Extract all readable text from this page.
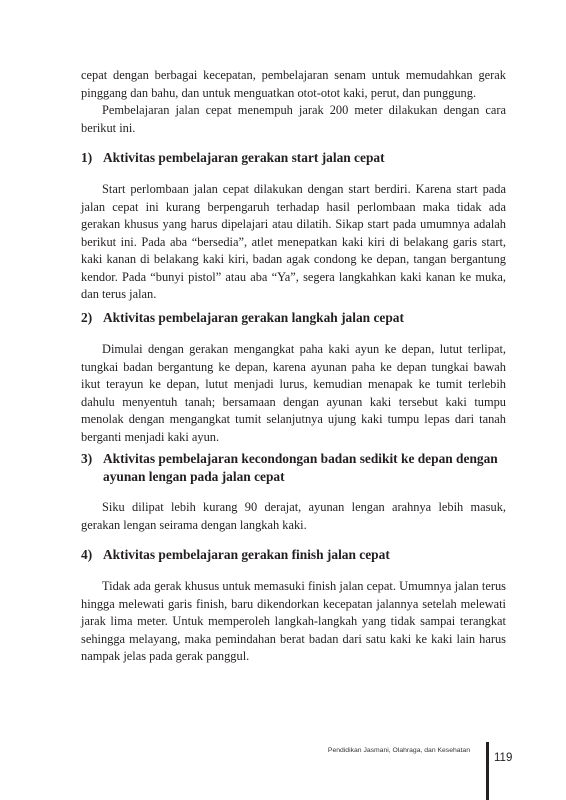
cepat dengan berbagai kecepatan, pembelajaran senam untuk memudahkan gerak pinggang dan bahu, dan untuk menguatkan otot-otot kaki, perut, dan punggung.

Pembelajaran jalan cepat menempuh jarak 200 meter dilakukan dengan cara berikut ini.

1) Aktivitas pembelajaran gerakan start jalan cepat

Start perlombaan jalan cepat dilakukan dengan start berdiri. Karena start pada jalan cepat ini kurang berpengaruh terhadap hasil perlombaan maka tidak ada gerakan khusus yang harus dipelajari atau dilatih. Sikap start pada umumnya adalah berikut ini. Pada aba “bersedia”, atlet menepatkan kaki kiri di belakang garis start, kaki kanan di belakang kaki kiri, badan agak condong ke depan, tangan bergantung kendor. Pada “bunyi pistol” atau aba “Ya”, segera langkahkan kaki kanan ke muka, dan terus jalan.

2) Aktivitas pembelajaran gerakan langkah jalan cepat

Dimulai dengan gerakan mengangkat paha kaki ayun ke depan, lutut terlipat, tungkai badan bergantung ke depan, karena ayunan paha ke depan tungkai bawah ikut terayun ke depan, lutut menjadi lurus, kemudian menapak ke tumit terlebih dahulu menyentuh tanah; bersamaan dengan ayunan kaki tersebut kaki tumpu menolak dengan mengangkat tumit selanjutnya ujung kaki tumpu lepas dari tanah berganti menjadi kaki ayun.

3) Aktivitas pembelajaran kecondongan badan sedikit ke depan dengan ayunan lengan pada jalan cepat

Siku dilipat lebih kurang 90 derajat, ayunan lengan arahnya lebih masuk, gerakan lengan seirama dengan langkah kaki.

4) Aktivitas pembelajaran gerakan finish jalan cepat

Tidak ada gerak khusus untuk memasuki finish jalan cepat. Umumnya jalan terus hingga melewati garis finish, baru dikendorkan kecepatan jalannya setelah melewati jarak lima meter. Untuk memperoleh langkah-langkah yang tidak sampai terangkat sehingga melayang, maka pemindahan berat badan dari satu kaki ke kaki lain harus nampak jelas pada gerak panggul.

Pendidikan Jasmani, Olahraga, dan Kesehatan
119
